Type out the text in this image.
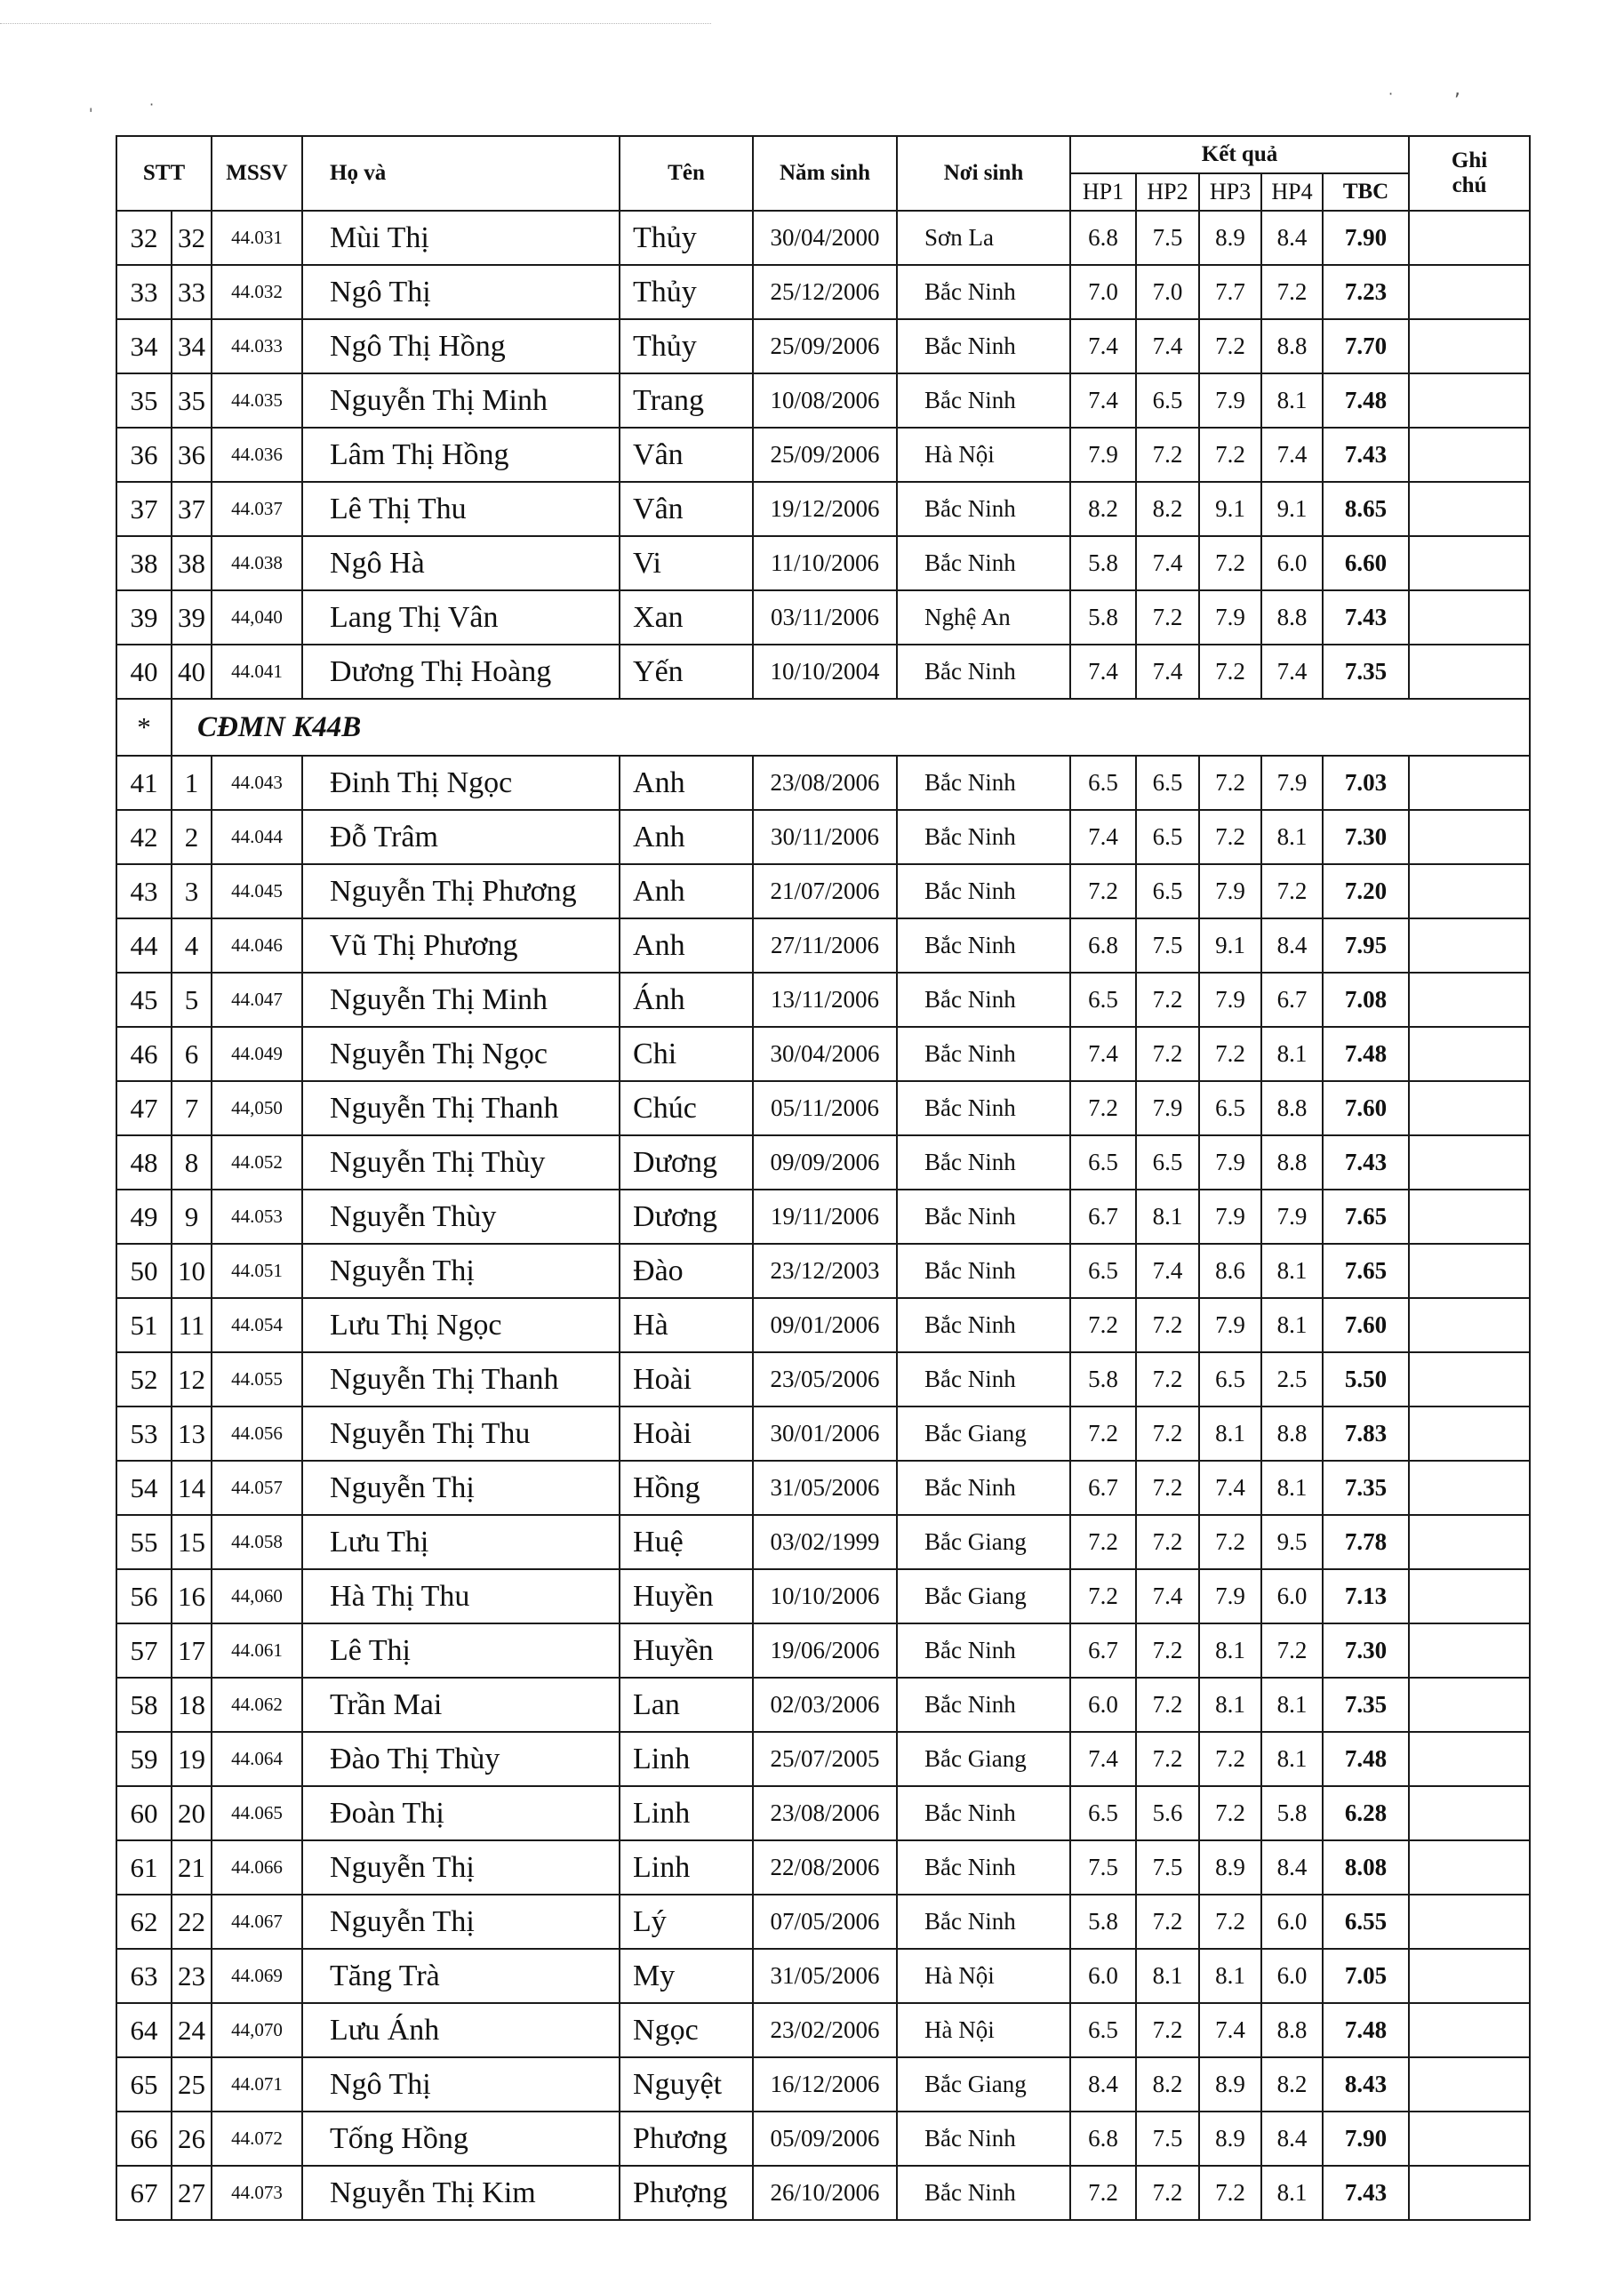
'
·
·	,
STT		MSSV	Họ và	Tên	Năm sinh	Nơi sinh	Kết quả					Ghi
chú
							HP1	HP2	HP3	HP4	TBC	
32	32	44.031	Mùi Thị	Thủy	30/04/2000	Sơn La	6.8	7.5	8.9	8.4	7.90	
33	33	44.032	Ngô Thị	Thủy	25/12/2006	Bắc Ninh	7.0	7.0	7.7	7.2	7.23	
34	34	44.033	Ngô Thị Hồng	Thủy	25/09/2006	Bắc Ninh	7.4	7.4	7.2	8.8	7.70	
35	35	44.035	Nguyễn Thị Minh	Trang	10/08/2006	Bắc Ninh	7.4	6.5	7.9	8.1	7.48	
36	36	44.036	Lâm Thị Hồng	Vân	25/09/2006	Hà Nội	7.9	7.2	7.2	7.4	7.43	
37	37	44.037	Lê Thị Thu	Vân	19/12/2006	Bắc Ninh	8.2	8.2	9.1	9.1	8.65	
38	38	44.038	Ngô Hà	Vi	11/10/2006	Bắc Ninh	5.8	7.4	7.2	6.0	6.60	
39	39	44,040	Lang Thị Vân	Xan	03/11/2006	Nghệ An	5.8	7.2	7.9	8.8	7.43	
40	40	44.041	Dương Thị Hoàng	Yến	10/10/2004	Bắc Ninh	7.4	7.4	7.2	7.4	7.35	
*	CĐMN K44B											
41	1	44.043	Đinh Thị Ngọc	Anh	23/08/2006	Bắc Ninh	6.5	6.5	7.2	7.9	7.03	
42	2	44.044	Đỗ Trâm	Anh	30/11/2006	Bắc Ninh	7.4	6.5	7.2	8.1	7.30	
43	3	44.045	Nguyễn Thị Phương	Anh	21/07/2006	Bắc Ninh	7.2	6.5	7.9	7.2	7.20	
44	4	44.046	Vũ Thị Phương	Anh	27/11/2006	Bắc Ninh	6.8	7.5	9.1	8.4	7.95	
45	5	44.047	Nguyễn Thị Minh	Ánh	13/11/2006	Bắc Ninh	6.5	7.2	7.9	6.7	7.08	
46	6	44.049	Nguyễn Thị Ngọc	Chi	30/04/2006	Bắc Ninh	7.4	7.2	7.2	8.1	7.48	
47	7	44,050	Nguyễn Thị Thanh	Chúc	05/11/2006	Bắc Ninh	7.2	7.9	6.5	8.8	7.60	
48	8	44.052	Nguyễn Thị Thùy	Dương	09/09/2006	Bắc Ninh	6.5	6.5	7.9	8.8	7.43	
49	9	44.053	Nguyễn Thùy	Dương	19/11/2006	Bắc Ninh	6.7	8.1	7.9	7.9	7.65	
50	10	44.051	Nguyễn Thị	Đào	23/12/2003	Bắc Ninh	6.5	7.4	8.6	8.1	7.65	
51	11	44.054	Lưu Thị Ngọc	Hà	09/01/2006	Bắc Ninh	7.2	7.2	7.9	8.1	7.60	
52	12	44.055	Nguyễn Thị Thanh	Hoài	23/05/2006	Bắc Ninh	5.8	7.2	6.5	2.5	5.50	
53	13	44.056	Nguyễn Thị Thu	Hoài	30/01/2006	Bắc Giang	7.2	7.2	8.1	8.8	7.83	
54	14	44.057	Nguyễn Thị	Hồng	31/05/2006	Bắc Ninh	6.7	7.2	7.4	8.1	7.35	
55	15	44.058	Lưu Thị	Huệ	03/02/1999	Bắc Giang	7.2	7.2	7.2	9.5	7.78	
56	16	44,060	Hà Thị Thu	Huyền	10/10/2006	Bắc Giang	7.2	7.4	7.9	6.0	7.13	
57	17	44.061	Lê Thị	Huyền	19/06/2006	Bắc Ninh	6.7	7.2	8.1	7.2	7.30	
58	18	44.062	Trần Mai	Lan	02/03/2006	Bắc Ninh	6.0	7.2	8.1	8.1	7.35	
59	19	44.064	Đào Thị Thùy	Linh	25/07/2005	Bắc Giang	7.4	7.2	7.2	8.1	7.48	
60	20	44.065	Đoàn Thị	Linh	23/08/2006	Bắc Ninh	6.5	5.6	7.2	5.8	6.28	
61	21	44.066	Nguyễn Thị	Linh	22/08/2006	Bắc Ninh	7.5	7.5	8.9	8.4	8.08	
62	22	44.067	Nguyễn Thị	Lý	07/05/2006	Bắc Ninh	5.8	7.2	7.2	6.0	6.55	
63	23	44.069	Tăng Trà	My	31/05/2006	Hà Nội	6.0	8.1	8.1	6.0	7.05	
64	24	44,070	Lưu Ánh	Ngọc	23/02/2006	Hà Nội	6.5	7.2	7.4	8.8	7.48	
65	25	44.071	Ngô Thị	Nguyệt	16/12/2006	Bắc Giang	8.4	8.2	8.9	8.2	8.43	
66	26	44.072	Tống Hồng	Phương	05/09/2006	Bắc Ninh	6.8	7.5	8.9	8.4	7.90	
67	27	44.073	Nguyễn Thị Kim	Phượng	26/10/2006	Bắc Ninh	7.2	7.2	7.2	8.1	7.43	
